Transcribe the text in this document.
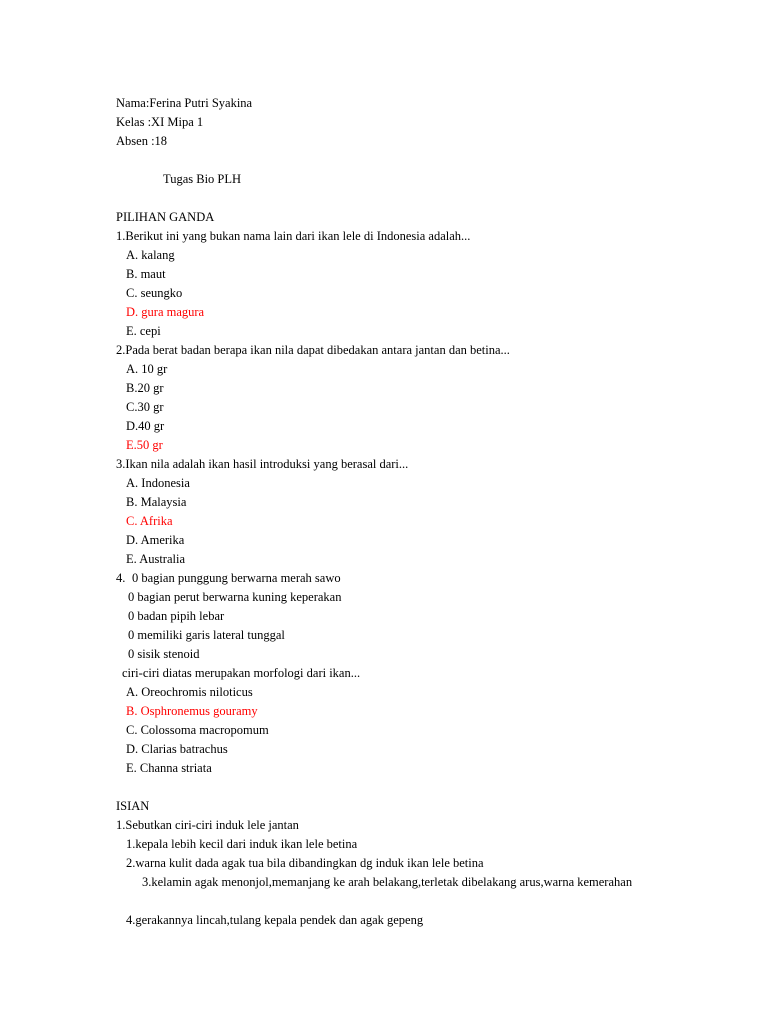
Nama:Ferina Putri Syakina
Kelas :XI Mipa 1
Absen :18
Tugas Bio PLH
PILIHAN GANDA
1.Berikut ini yang bukan nama lain dari ikan lele di Indonesia adalah...
A. kalang
B. maut
C. seungko
D. gura magura
E. cepi
2.Pada berat badan berapa ikan nila dapat dibedakan antara jantan dan betina...
A. 10 gr
B.20 gr
C.30 gr
D.40 gr
E.50 gr
3.Ikan nila adalah ikan hasil introduksi yang berasal dari...
A. Indonesia
B. Malaysia
C. Afrika
D. Amerika
E. Australia
4. 0 bagian punggung berwarna merah sawo
0 bagian perut berwarna kuning keperakan
0 badan pipih lebar
0 memiliki garis lateral tunggal
0 sisik stenoid
ciri-ciri diatas merupakan morfologi dari ikan...
A. Oreochromis niloticus
B. Osphronemus gouramy
C. Colossoma macropomum
D. Clarias batrachus
E. Channa striata
ISIAN
1.Sebutkan ciri-ciri induk lele jantan
1.kepala lebih kecil dari induk ikan lele betina
2.warna kulit dada agak tua bila dibandingkan dg induk ikan lele betina
3.kelamin agak menonjol,memanjang ke arah belakang,terletak dibelakang arus,warna kemerahan
4.gerakannya lincah,tulang kepala pendek dan agak gepeng
